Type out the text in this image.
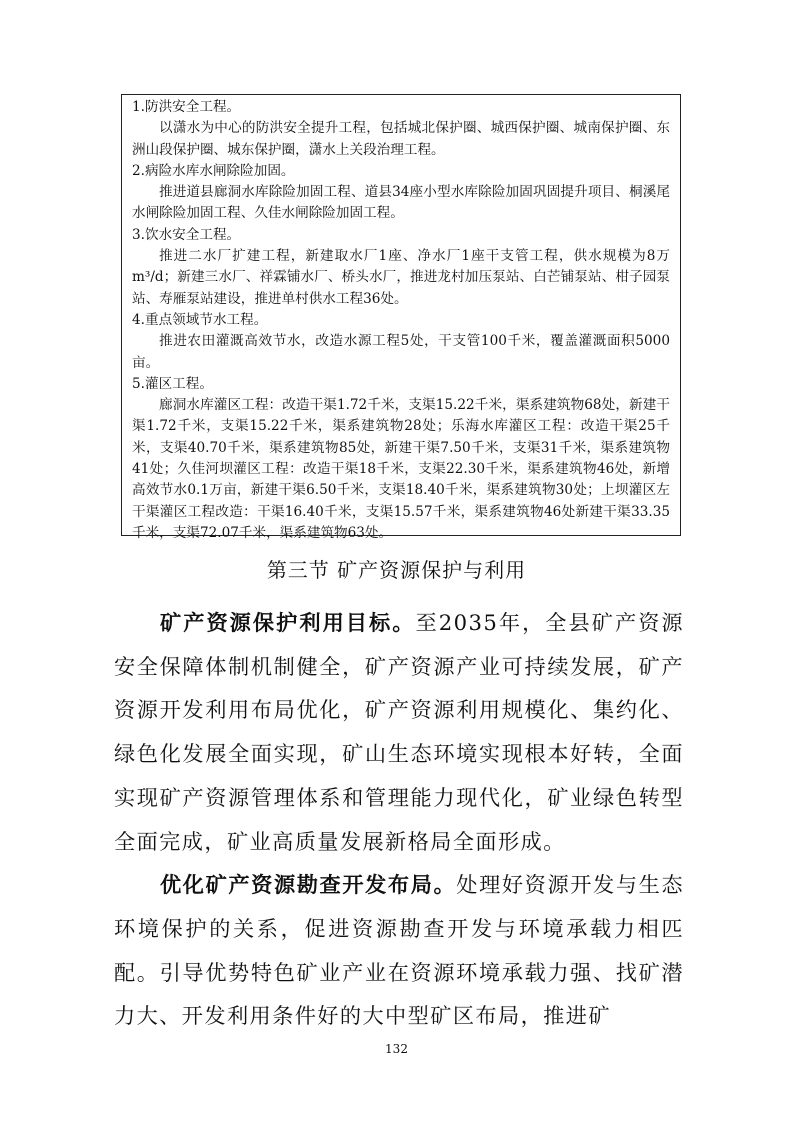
1.防洪安全工程。

以潇水为中心的防洪安全提升工程，包括城北保护圈、城西保护圈、城南保护圈、东洲山段保护圈、城东保护圈，潇水上关段治理工程。

2.病险水库水闸除险加固。

推进道县廊洞水库除险加固工程、道县34座小型水库除险加固巩固提升项目、桐溪尾水闸除险加固工程、久佳水闸除险加固工程。

3.饮水安全工程。

推进二水厂扩建工程，新建取水厂1座、净水厂1座干支管工程，供水规模为8万m³/d；新建三水厂、祥霖铺水厂、桥头水厂，推进龙村加压泵站、白芒铺泵站、柑子园泵站、寿雁泵站建设，推进单村供水工程36处。

4.重点领域节水工程。

推进农田灌溉高效节水，改造水源工程5处，干支管100千米，覆盖灌溉面积5000亩。

5.灌区工程。

廊洞水库灌区工程：改造干渠1.72千米，支渠15.22千米，渠系建筑物68处，新建干渠1.72千米，支渠15.22千米，渠系建筑物28处；乐海水库灌区工程：改造干渠25千米，支渠40.70千米，渠系建筑物85处，新建干渠7.50千米，支渠31千米，渠系建筑物41处；久佳河坝灌区工程：改造干渠18千米，支渠22.30千米，渠系建筑物46处，新增高效节水0.1万亩，新建干渠6.50千米，支渠18.40千米，渠系建筑物30处；上坝灌区左干渠灌区工程改造：干渠16.40千米，支渠15.57千米，渠系建筑物46处新建干渠33.35千米，支渠72.07千米，渠系建筑物63处。

第三节 矿产资源保护与利用

矿产资源保护利用目标。至2035年，全县矿产资源安全保障体制机制健全，矿产资源产业可持续发展，矿产资源开发利用布局优化，矿产资源利用规模化、集约化、绿色化发展全面实现，矿山生态环境实现根本好转，全面实现矿产资源管理体系和管理能力现代化，矿业绿色转型全面完成，矿业高质量发展新格局全面形成。

优化矿产资源勘查开发布局。处理好资源开发与生态环境保护的关系，促进资源勘查开发与环境承载力相匹配。引导优势特色矿业产业在资源环境承载力强、找矿潜力大、开发利用条件好的大中型矿区布局，推进矿

132
